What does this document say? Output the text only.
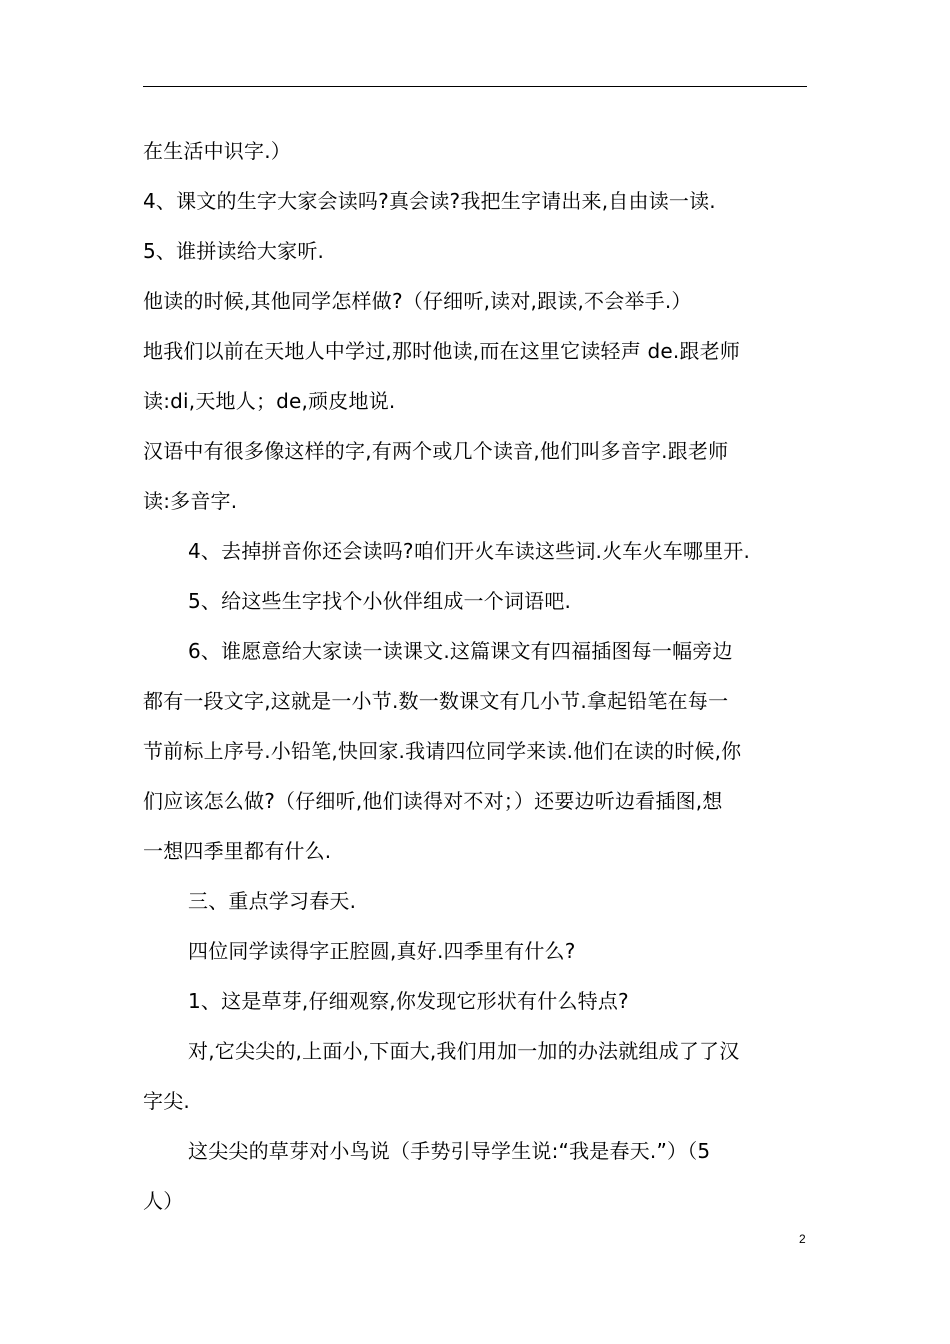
在生活中识字.）
4、课文的生字大家会读吗?真会读?我把生字请出来,自由读一读.
5、谁拼读给大家听.
他读的时候,其他同学怎样做?（仔细听,读对,跟读,不会举手.）
地我们以前在天地人中学过,那时他读,而在这里它读轻声 de.跟老师
读:di,天地人；de,顽皮地说.
汉语中有很多像这样的字,有两个或几个读音,他们叫多音字.跟老师
读:多音字.
4、去掉拼音你还会读吗?咱们开火车读这些词.火车火车哪里开.
5、给这些生字找个小伙伴组成一个词语吧.
6、谁愿意给大家读一读课文.这篇课文有四福插图每一幅旁边
都有一段文字,这就是一小节.数一数课文有几小节.拿起铅笔在每一
节前标上序号.小铅笔,快回家.我请四位同学来读.他们在读的时候,你
们应该怎么做?（仔细听,他们读得对不对；）还要边听边看插图,想
一想四季里都有什么.
三、重点学习春天.
四位同学读得字正腔圆,真好.四季里有什么?
1、这是草芽,仔细观察,你发现它形状有什么特点?
对,它尖尖的,上面小,下面大,我们用加一加的办法就组成了了汉
字尖.
这尖尖的草芽对小鸟说（手势引导学生说:“我是春天.”）（5
人）
2
